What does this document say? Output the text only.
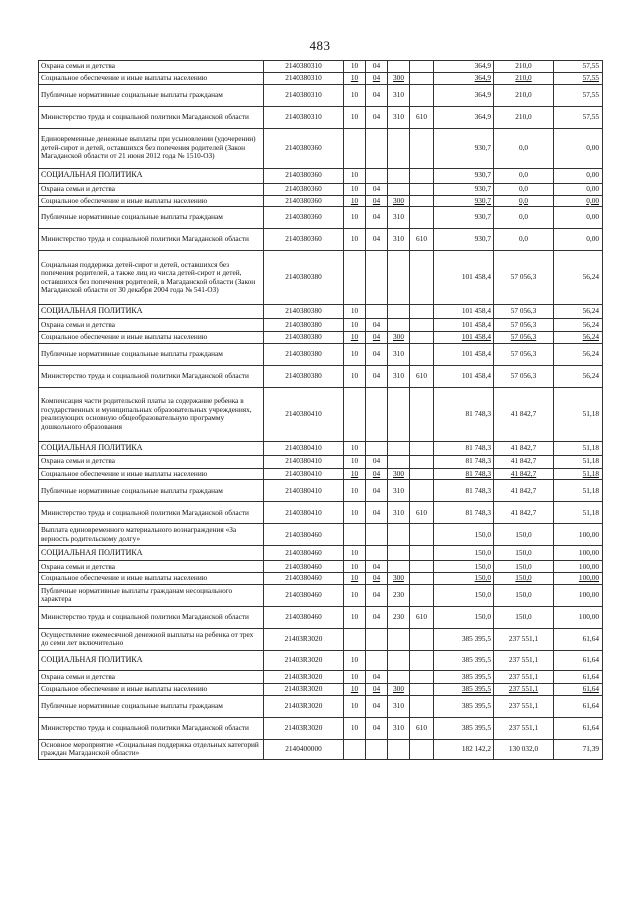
483
Охрана семьи и детства	2140380310	10	04			364,9	210,0	57,55
Социальное обеспечение и иные выплаты населению	2140380310	10	04	300		364,9	210,0	57,55
Публичные нормативные социальные выплаты гражданам	2140380310	10	04	310		364,9	210,0	57,55
Министерство труда и социальной политики Магаданской области	2140380310	10	04	310	610	364,9	210,0	57,55
Единовременные денежные выплаты при усыновлении (удочерении) детей-сирот и детей, оставшихся без попечения родителей (Закон Магаданской области от 21 июня 2012 года № 1510-ОЗ)	2140380360					930,7	0,0	0,00
СОЦИАЛЬНАЯ ПОЛИТИКА	2140380360	10				930,7	0,0	0,00
Охрана семьи и детства	2140380360	10	04			930,7	0,0	0,00
Социальное обеспечение и иные выплаты населению	2140380360	10	04	300		930,7	0,0	0,00
Публичные нормативные социальные выплаты гражданам	2140380360	10	04	310		930,7	0,0	0,00
Министерство труда и социальной политики Магаданской области	2140380360	10	04	310	610	930,7	0,0	0,00
Социальная поддержка детей-сирот и детей, оставшихся без попечения родителей, а также лиц из числа детей-сирот и детей, оставшихся без попечения родителей, в Магаданской области (Закон Магаданской области от 30 декабря 2004 года № 541-ОЗ)	2140380380					101 458,4	57 056,3	56,24
СОЦИАЛЬНАЯ ПОЛИТИКА	2140380380	10				101 458,4	57 056,3	56,24
Охрана семьи и детства	2140380380	10	04			101 458,4	57 056,3	56,24
Социальное обеспечение и иные выплаты населению	2140380380	10	04	300		101 458,4	57 056,3	56,24
Публичные нормативные социальные выплаты гражданам	2140380380	10	04	310		101 458,4	57 056,3	56,24
Министерство труда и социальной политики Магаданской области	2140380380	10	04	310	610	101 458,4	57 056,3	56,24
Компенсация части родительской платы за содержание ребенка в государственных и муниципальных образовательных учреждениях, реализующих основную общеобразовательную программу дошкольного образования	2140380410					81 748,3	41 842,7	51,18
СОЦИАЛЬНАЯ ПОЛИТИКА	2140380410	10				81 748,3	41 842,7	51,18
Охрана семьи и детства	2140380410	10	04			81 748,3	41 842,7	51,18
Социальное обеспечение и иные выплаты населению	2140380410	10	04	300		81 748,3	41 842,7	51,18
Публичные нормативные социальные выплаты гражданам	2140380410	10	04	310		81 748,3	41 842,7	51,18
Министерство труда и социальной политики Магаданской области	2140380410	10	04	310	610	81 748,3	41 842,7	51,18
Выплата единовременного материального вознаграждения «За верность родительскому долгу»	2140380460					150,0	150,0	100,00
СОЦИАЛЬНАЯ ПОЛИТИКА	2140380460	10				150,0	150,0	100,00
Охрана семьи и детства	2140380460	10	04			150,0	150,0	100,00
Социальное обеспечение и иные выплаты населению	2140380460	10	04	300		150,0	150,0	100,00
Публичные нормативные выплаты гражданам несоциального характера	2140380460	10	04	230		150,0	150,0	100,00
Министерство труда и социальной политики Магаданской области	2140380460	10	04	230	610	150,0	150,0	100,00
Осуществление ежемесячной денежной выплаты на ребенка от трех до семи лет включительно	21403R3020					385 395,5	237 551,1	61,64
СОЦИАЛЬНАЯ ПОЛИТИКА	21403R3020	10				385 395,5	237 551,1	61,64
Охрана семьи и детства	21403R3020	10	04			385 395,5	237 551,1	61,64
Социальное обеспечение и иные выплаты населению	21403R3020	10	04	300		385 395,5	237 551,1	61,64
Публичные нормативные социальные выплаты гражданам	21403R3020	10	04	310		385 395,5	237 551,1	61,64
Министерство труда и социальной политики Магаданской области	21403R3020	10	04	310	610	385 395,5	237 551,1	61,64
Основное мероприятие «Социальная поддержка отдельных категорий граждан Магаданской области»	2140400000					182 142,2	130 032,0	71,39
